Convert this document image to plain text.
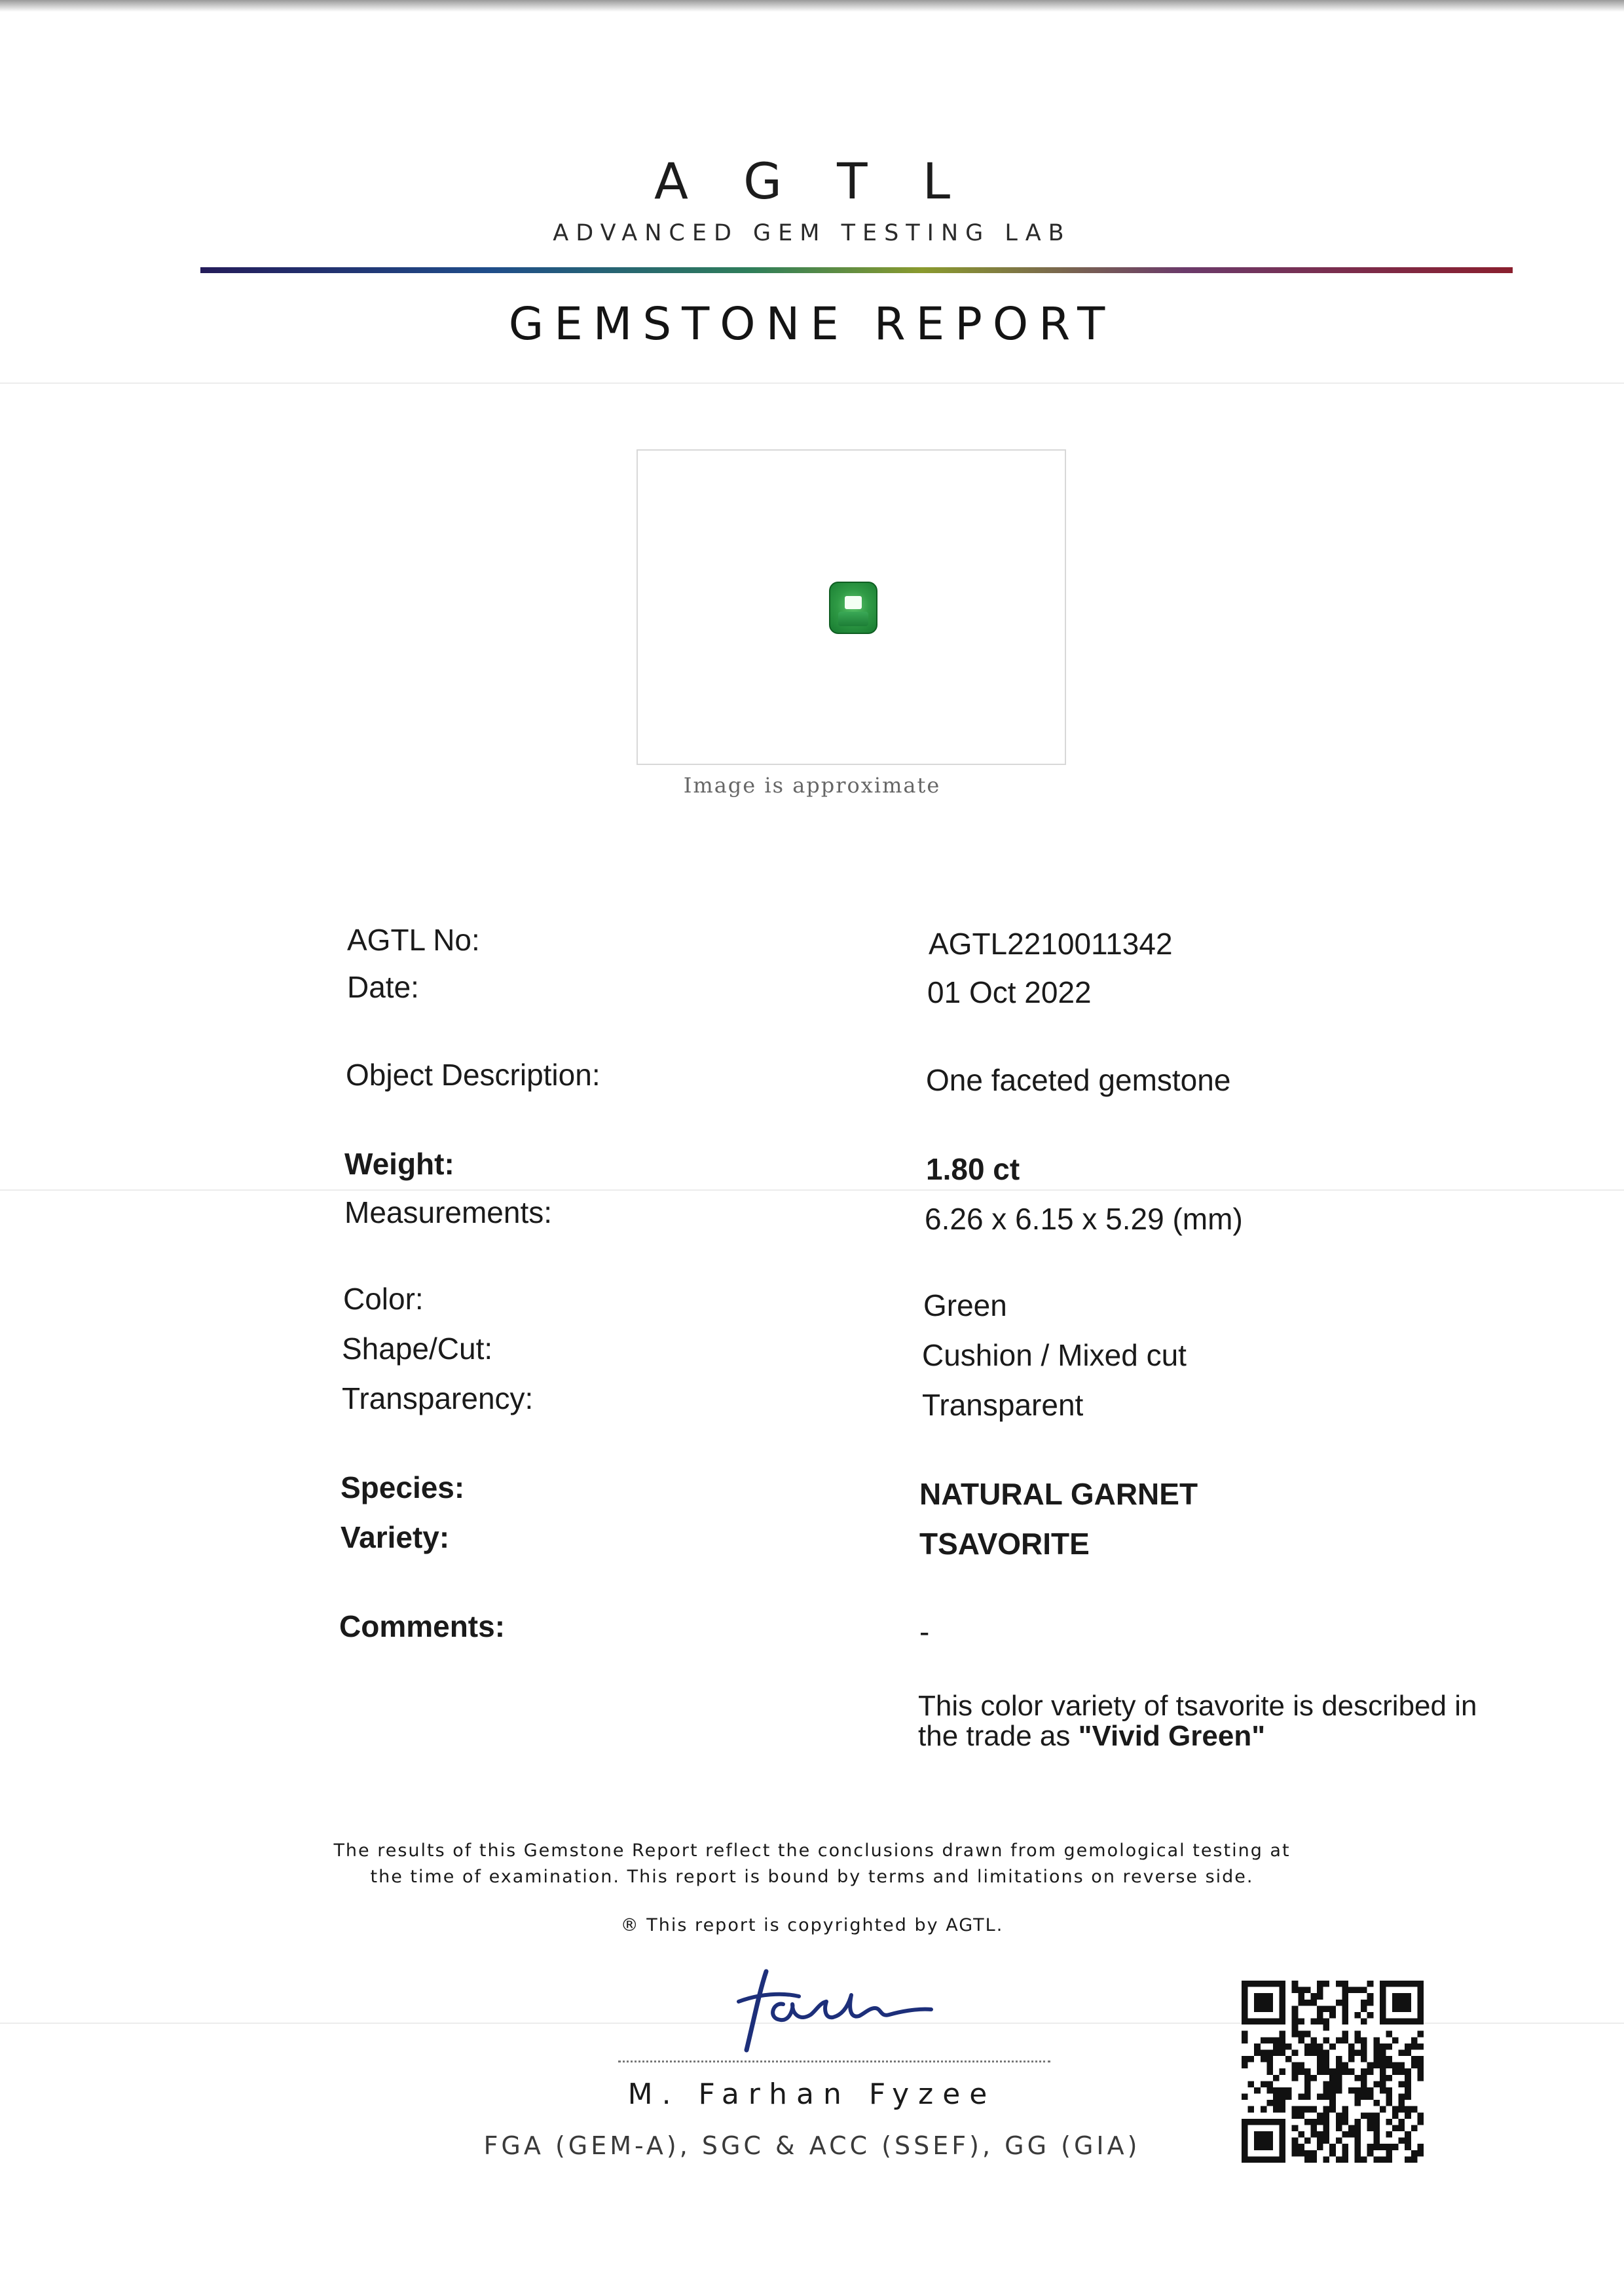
A G T L
ADVANCED GEM TESTING LAB
GEMSTONE REPORT
Image is approximate
AGTL No:
Date:
Object Description:
Weight:
Measurements:
Color:
Shape/Cut:
Transparency:
Species:
Variety:
Comments:
AGTL2210011342
01 Oct 2022
One faceted gemstone
1.80 ct
6.26 x 6.15 x 5.29 (mm)
Green
Cushion / Mixed cut
Transparent
NATURAL GARNET
TSAVORITE
-
This color variety of tsavorite is described in the trade as "Vivid Green"
The results of this Gemstone Report reflect the conclusions drawn from gemological testing at
the time of examination. This report is bound by terms and limitations on reverse side.
® This report is copyrighted by AGTL.
M. Farhan Fyzee
FGA (GEM-A), SGC & ACC (SSEF), GG (GIA)
